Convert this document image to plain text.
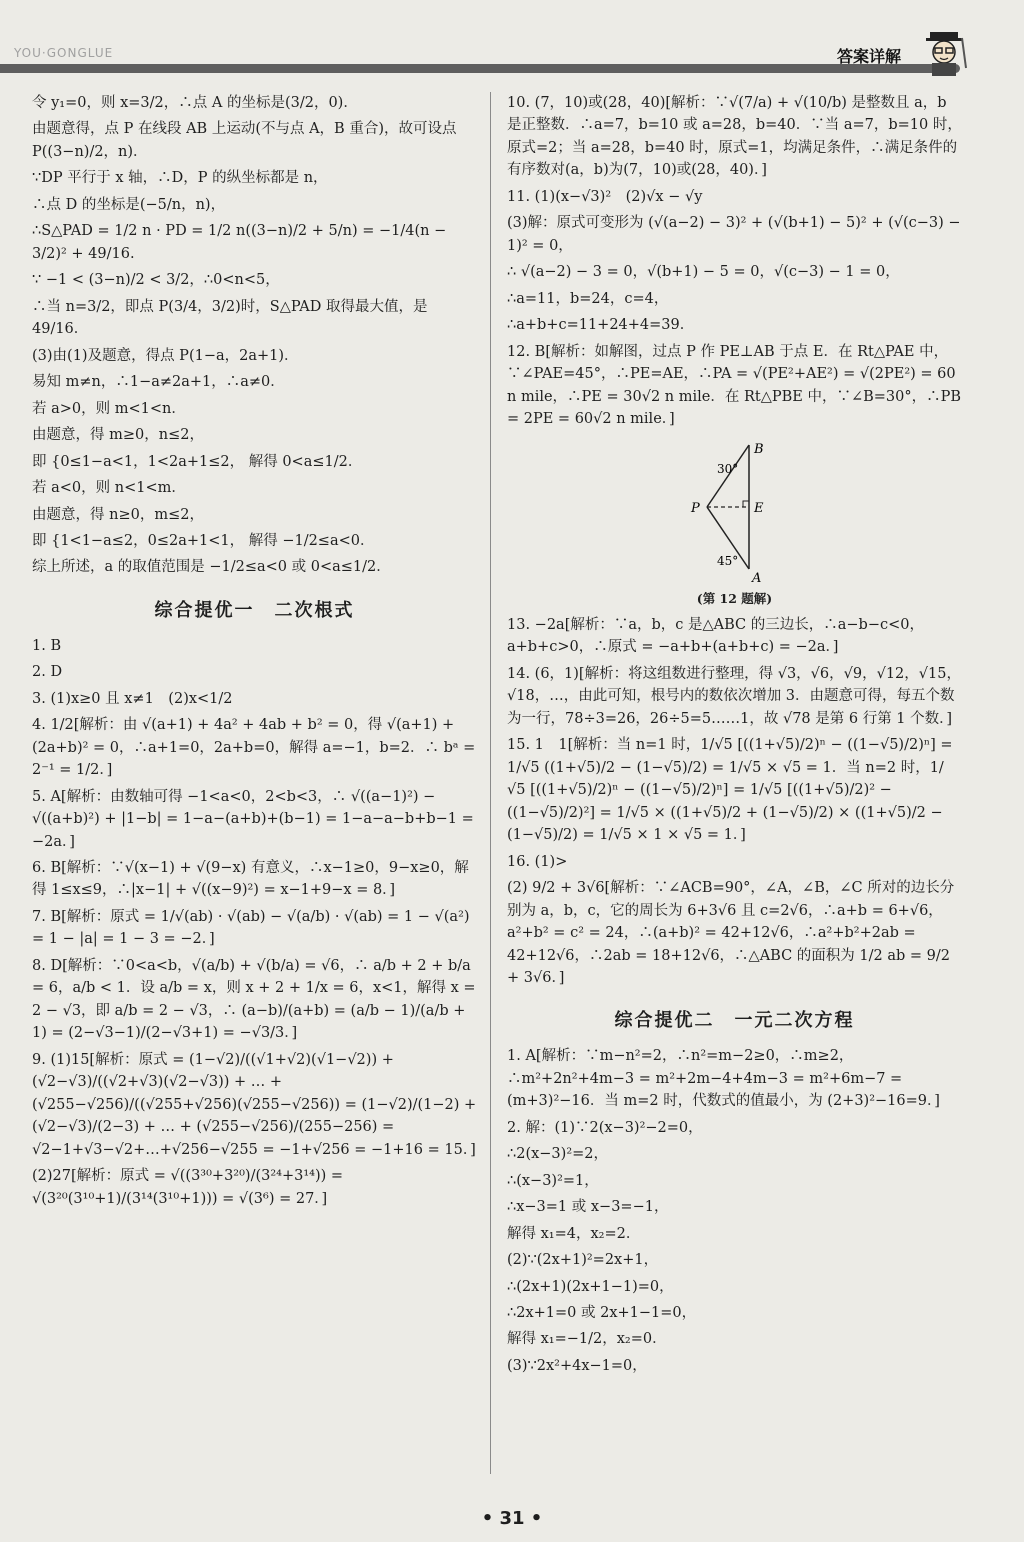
YOU·GONGLUE	答案详解

令 y₁=0，则 x=3/2，∴点 A 的坐标是(3/2，0)．

由题意得，点 P 在线段 AB 上运动(不与点 A，B 重合)，故可设点 P((3−n)/2，n)．

∵DP 平行于 x 轴，∴D，P 的纵坐标都是 n，

∴点 D 的坐标是(−5/n，n)，

∴S△PAD = 1/2 n · PD = 1/2 n((3−n)/2 + 5/n) = −1/4(n − 3/2)² + 49/16.

∵ −1 < (3−n)/2 < 3/2，∴0<n<5，

∴当 n=3/2，即点 P(3/4，3/2)时，S△PAD 取得最大值，是 49/16．

(3)由(1)及题意，得点 P(1−a，2a+1)．

易知 m≠n，∴1−a≠2a+1，∴a≠0．

若 a>0，则 m<1<n．

由题意，得 m≥0，n≤2，

即 {0≤1−a<1，1<2a+1≤2， 解得 0<a≤1/2．

若 a<0，则 n<1<m．

由题意，得 n≥0，m≤2，

即 {1<1−a≤2，0≤2a+1<1， 解得 −1/2≤a<0．

综上所述，a 的取值范围是 −1/2≤a<0 或 0<a≤1/2．

综合提优一　二次根式

1. B

2. D

3. (1)x≥0 且 x≠1　(2)x<1/2

4. 1/2[解析：由 √(a+1) + 4a² + 4ab + b² = 0，得 √(a+1) + (2a+b)² = 0，∴a+1=0，2a+b=0，解得 a=−1，b=2．∴ bᵃ = 2⁻¹ = 1/2．]

5. A[解析：由数轴可得 −1<a<0，2<b<3，∴ √((a−1)²) − √((a+b)²) + |1−b| = 1−a−(a+b)+(b−1) = 1−a−a−b+b−1 = −2a．]

6. B[解析：∵√(x−1) + √(9−x) 有意义，∴x−1≥0，9−x≥0，解得 1≤x≤9，∴|x−1| + √((x−9)²) = x−1+9−x = 8．]

7. B[解析：原式 = 1/√(ab) · √(ab) − √(a/b) · √(ab) = 1 − √(a²) = 1 − |a| = 1 − 3 = −2．]

8. D[解析：∵0<a<b，√(a/b) + √(b/a) = √6，∴ a/b + 2 + b/a = 6，a/b < 1．设 a/b = x，则 x + 2 + 1/x = 6，x<1，解得 x = 2 − √3，即 a/b = 2 − √3，∴ (a−b)/(a+b) = (a/b − 1)/(a/b + 1) = (2−√3−1)/(2−√3+1) = −√3/3．]

9. (1)15[解析：原式 = (1−√2)/((√1+√2)(√1−√2)) + (√2−√3)/((√2+√3)(√2−√3)) + … + (√255−√256)/((√255+√256)(√255−√256)) = (1−√2)/(1−2) + (√2−√3)/(2−3) + … + (√255−√256)/(255−256) = √2−1+√3−√2+…+√256−√255 = −1+√256 = −1+16 = 15．]

(2)27[解析：原式 = √((3³⁰+3²⁰)/(3²⁴+3¹⁴)) = √(3²⁰(3¹⁰+1)/(3¹⁴(3¹⁰+1))) = √(3⁶) = 27．]

10. (7，10)或(28，40)[解析：∵√(7/a) + √(10/b) 是整数且 a，b 是正整数．∴a=7，b=10 或 a=28，b=40．∵当 a=7，b=10 时，原式=2；当 a=28，b=40 时，原式=1，均满足条件，∴满足条件的有序数对(a，b)为(7，10)或(28，40)．]

11. (1)(x−√3)²　(2)√x − √y

(3)解：原式可变形为 (√(a−2) − 3)² + (√(b+1) − 5)² + (√(c−3) − 1)² = 0，

∴ √(a−2) − 3 = 0，√(b+1) − 5 = 0，√(c−3) − 1 = 0，

∴a=11，b=24，c=4，

∴a+b+c=11+24+4=39．

12. B[解析：如解图，过点 P 作 PE⊥AB 于点 E．在 Rt△PAE 中，∵∠PAE=45°，∴PE=AE，∴PA = √(PE²+AE²) = √(2PE²) = 60 n mile，∴PE = 30√2 n mile．在 Rt△PBE 中，∵∠B=30°，∴PB = 2PE = 60√2 n mile．]

B
E
P
A
30°
45°

(第 12 题解)

13. −2a[解析：∵a，b，c 是△ABC 的三边长，∴a−b−c<0，a+b+c>0，∴原式 = −a+b+(a+b+c) = −2a．]

14. (6，1)[解析：将这组数进行整理，得 √3，√6，√9，√12，√15，√18，…，由此可知，根号内的数依次增加 3．由题意可得，每五个数为一行，78÷3=26，26÷5=5……1，故 √78 是第 6 行第 1 个数．]

15. 1　1[解析：当 n=1 时，1/√5 [((1+√5)/2)ⁿ − ((1−√5)/2)ⁿ] = 1/√5 ((1+√5)/2 − (1−√5)/2) = 1/√5 × √5 = 1．当 n=2 时，1/√5 [((1+√5)/2)ⁿ − ((1−√5)/2)ⁿ] = 1/√5 [((1+√5)/2)² − ((1−√5)/2)²] = 1/√5 × ((1+√5)/2 + (1−√5)/2) × ((1+√5)/2 − (1−√5)/2) = 1/√5 × 1 × √5 = 1．]

16. (1)>

(2) 9/2 + 3√6[解析：∵∠ACB=90°，∠A，∠B，∠C 所对的边长分别为 a，b，c，它的周长为 6+3√6 且 c=2√6，∴a+b = 6+√6，a²+b² = c² = 24，∴(a+b)² = 42+12√6，∴a²+b²+2ab = 42+12√6，∴2ab = 18+12√6，∴△ABC 的面积为 1/2 ab = 9/2 + 3√6．]

综合提优二　一元二次方程

1. A[解析：∵m−n²=2，∴n²=m−2≥0，∴m≥2，∴m²+2n²+4m−3 = m²+2m−4+4m−3 = m²+6m−7 = (m+3)²−16．当 m=2 时，代数式的值最小，为 (2+3)²−16=9．]

2. 解：(1)∵2(x−3)²−2=0，

∴2(x−3)²=2，

∴(x−3)²=1，

∴x−3=1 或 x−3=−1，

解得 x₁=4，x₂=2．

(2)∵(2x+1)²=2x+1，

∴(2x+1)(2x+1−1)=0，

∴2x+1=0 或 2x+1−1=0，

解得 x₁=−1/2，x₂=0．

(3)∵2x²+4x−1=0，

• 31 •
